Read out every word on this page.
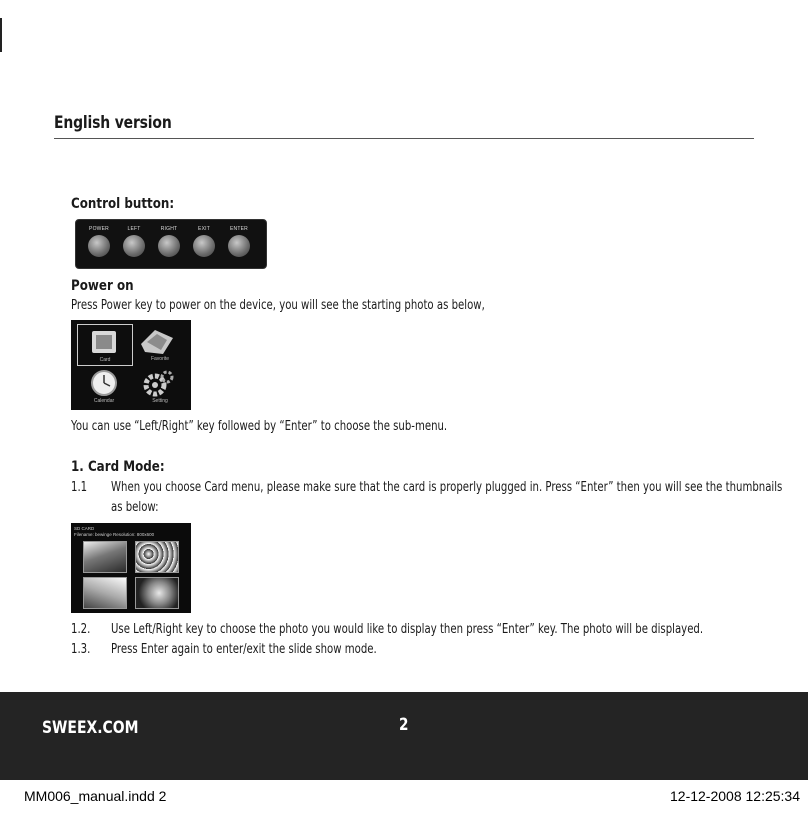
English version
Control button:
POWER	LEFT	RIGHT	EXIT	ENTER
Power on
Press Power key to power on the device, you will see the starting photo as below,
Card	Favorite
Calendar	Setting
You can use “Left/Right” key followed by “Enter” to choose the sub-menu.
1. Card Mode:
1.1 When you choose Card menu, please make sure that the card is properly plugged in. Press “Enter” then you will see the thumbnails
as below:
SD CARD
Filename: bewinge Resolution: 800x600
1.2. Use Left/Right key to choose the photo you would like to display then press “Enter” key. The photo will be displayed.
1.3. Press Enter again to enter/exit the slide show mode.
SWEEX.COM	2
MM006_manual.indd 2	12-12-2008 12:25:34
